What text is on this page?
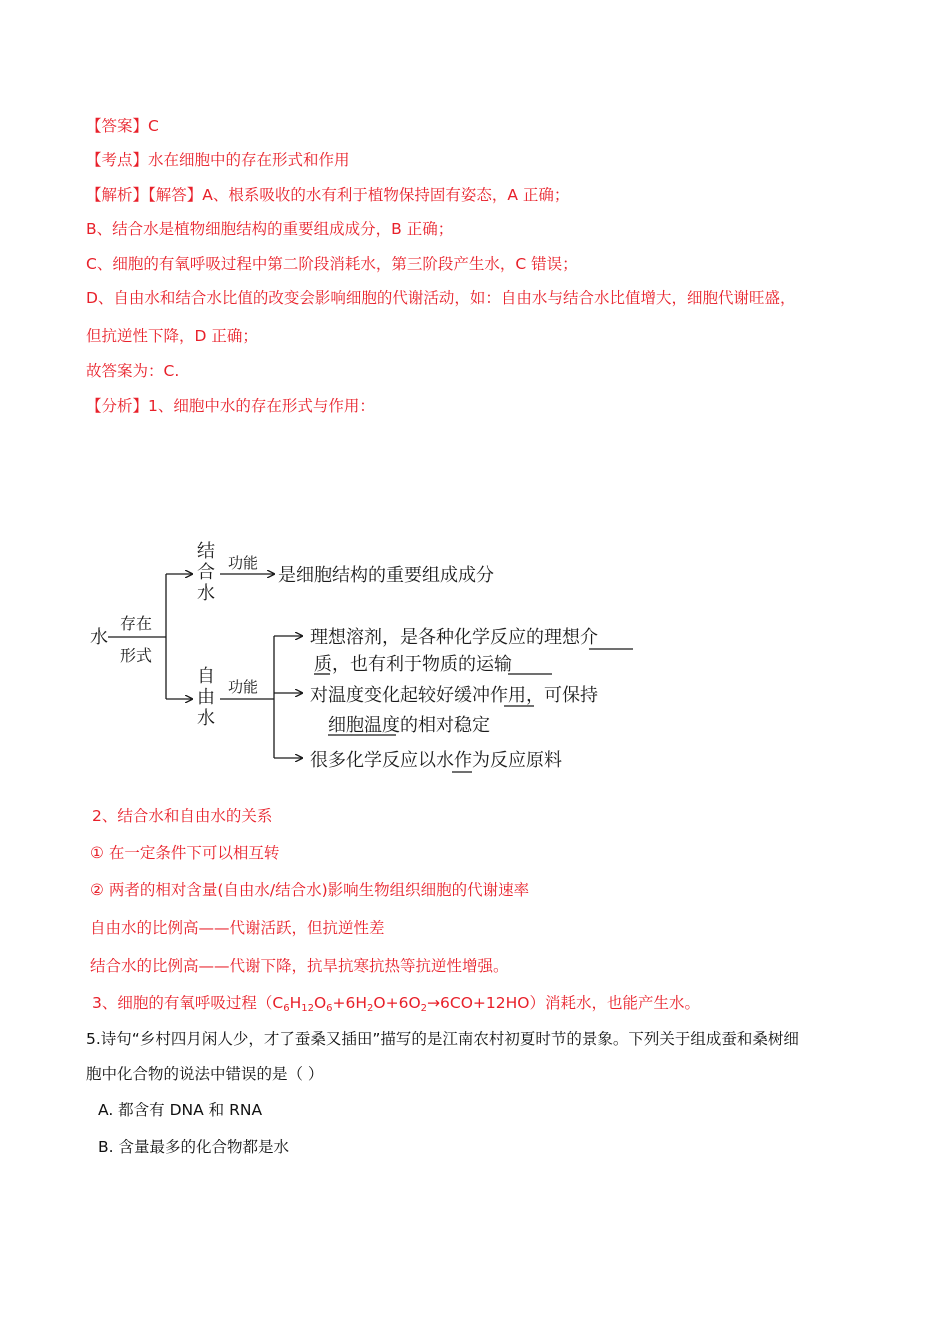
【答案】C
【考点】水在细胞中的存在形式和作用
【解析】【解答】A、根系吸收的水有利于植物保持固有姿态，A 正确；
B、结合水是植物细胞结构的重要组成成分，B 正确；
C、细胞的有氧呼吸过程中第二阶段消耗水，第三阶段产生水，C 错误；
D、自由水和结合水比值的改变会影响细胞的代谢活动，如：自由水与结合水比值增大，细胞代谢旺盛，
但抗逆性下降，D 正确；
故答案为：C.
【分析】1、细胞中水的存在形式与作用：
水
存在
形式
结
合
水
自
由
水
功能
功能
是细胞结构的重要组成成分
理想溶剂，是各种化学反应的理想介
质，也有利于物质的运输
对温度变化起较好缓冲作用，可保持
细胞温度的相对稳定
很多化学反应以水作为反应原料
2、结合水和自由水的关系
① 在一定条件下可以相互转
② 两者的相对含量(自由水/结合水)影响生物组织细胞的代谢速率
自由水的比例高——代谢活跃，但抗逆性差
结合水的比例高——代谢下降，抗旱抗寒抗热等抗逆性增强。
3、细胞的有氧呼吸过程$(C_6H_{12}O_6+6H_2O+6O_2\to 6CO+12HO)$消耗水，也能产生水。
5.诗句“乡村四月闲人少，才了蚕桑又插田”描写的是江南农村初夏时节的景象。下列关于组成蚕和桑树细
胞中化合物的说法中错误的是（ ）
A. 都含有 DNA 和 RNA
B. 含量最多的化合物都是水
